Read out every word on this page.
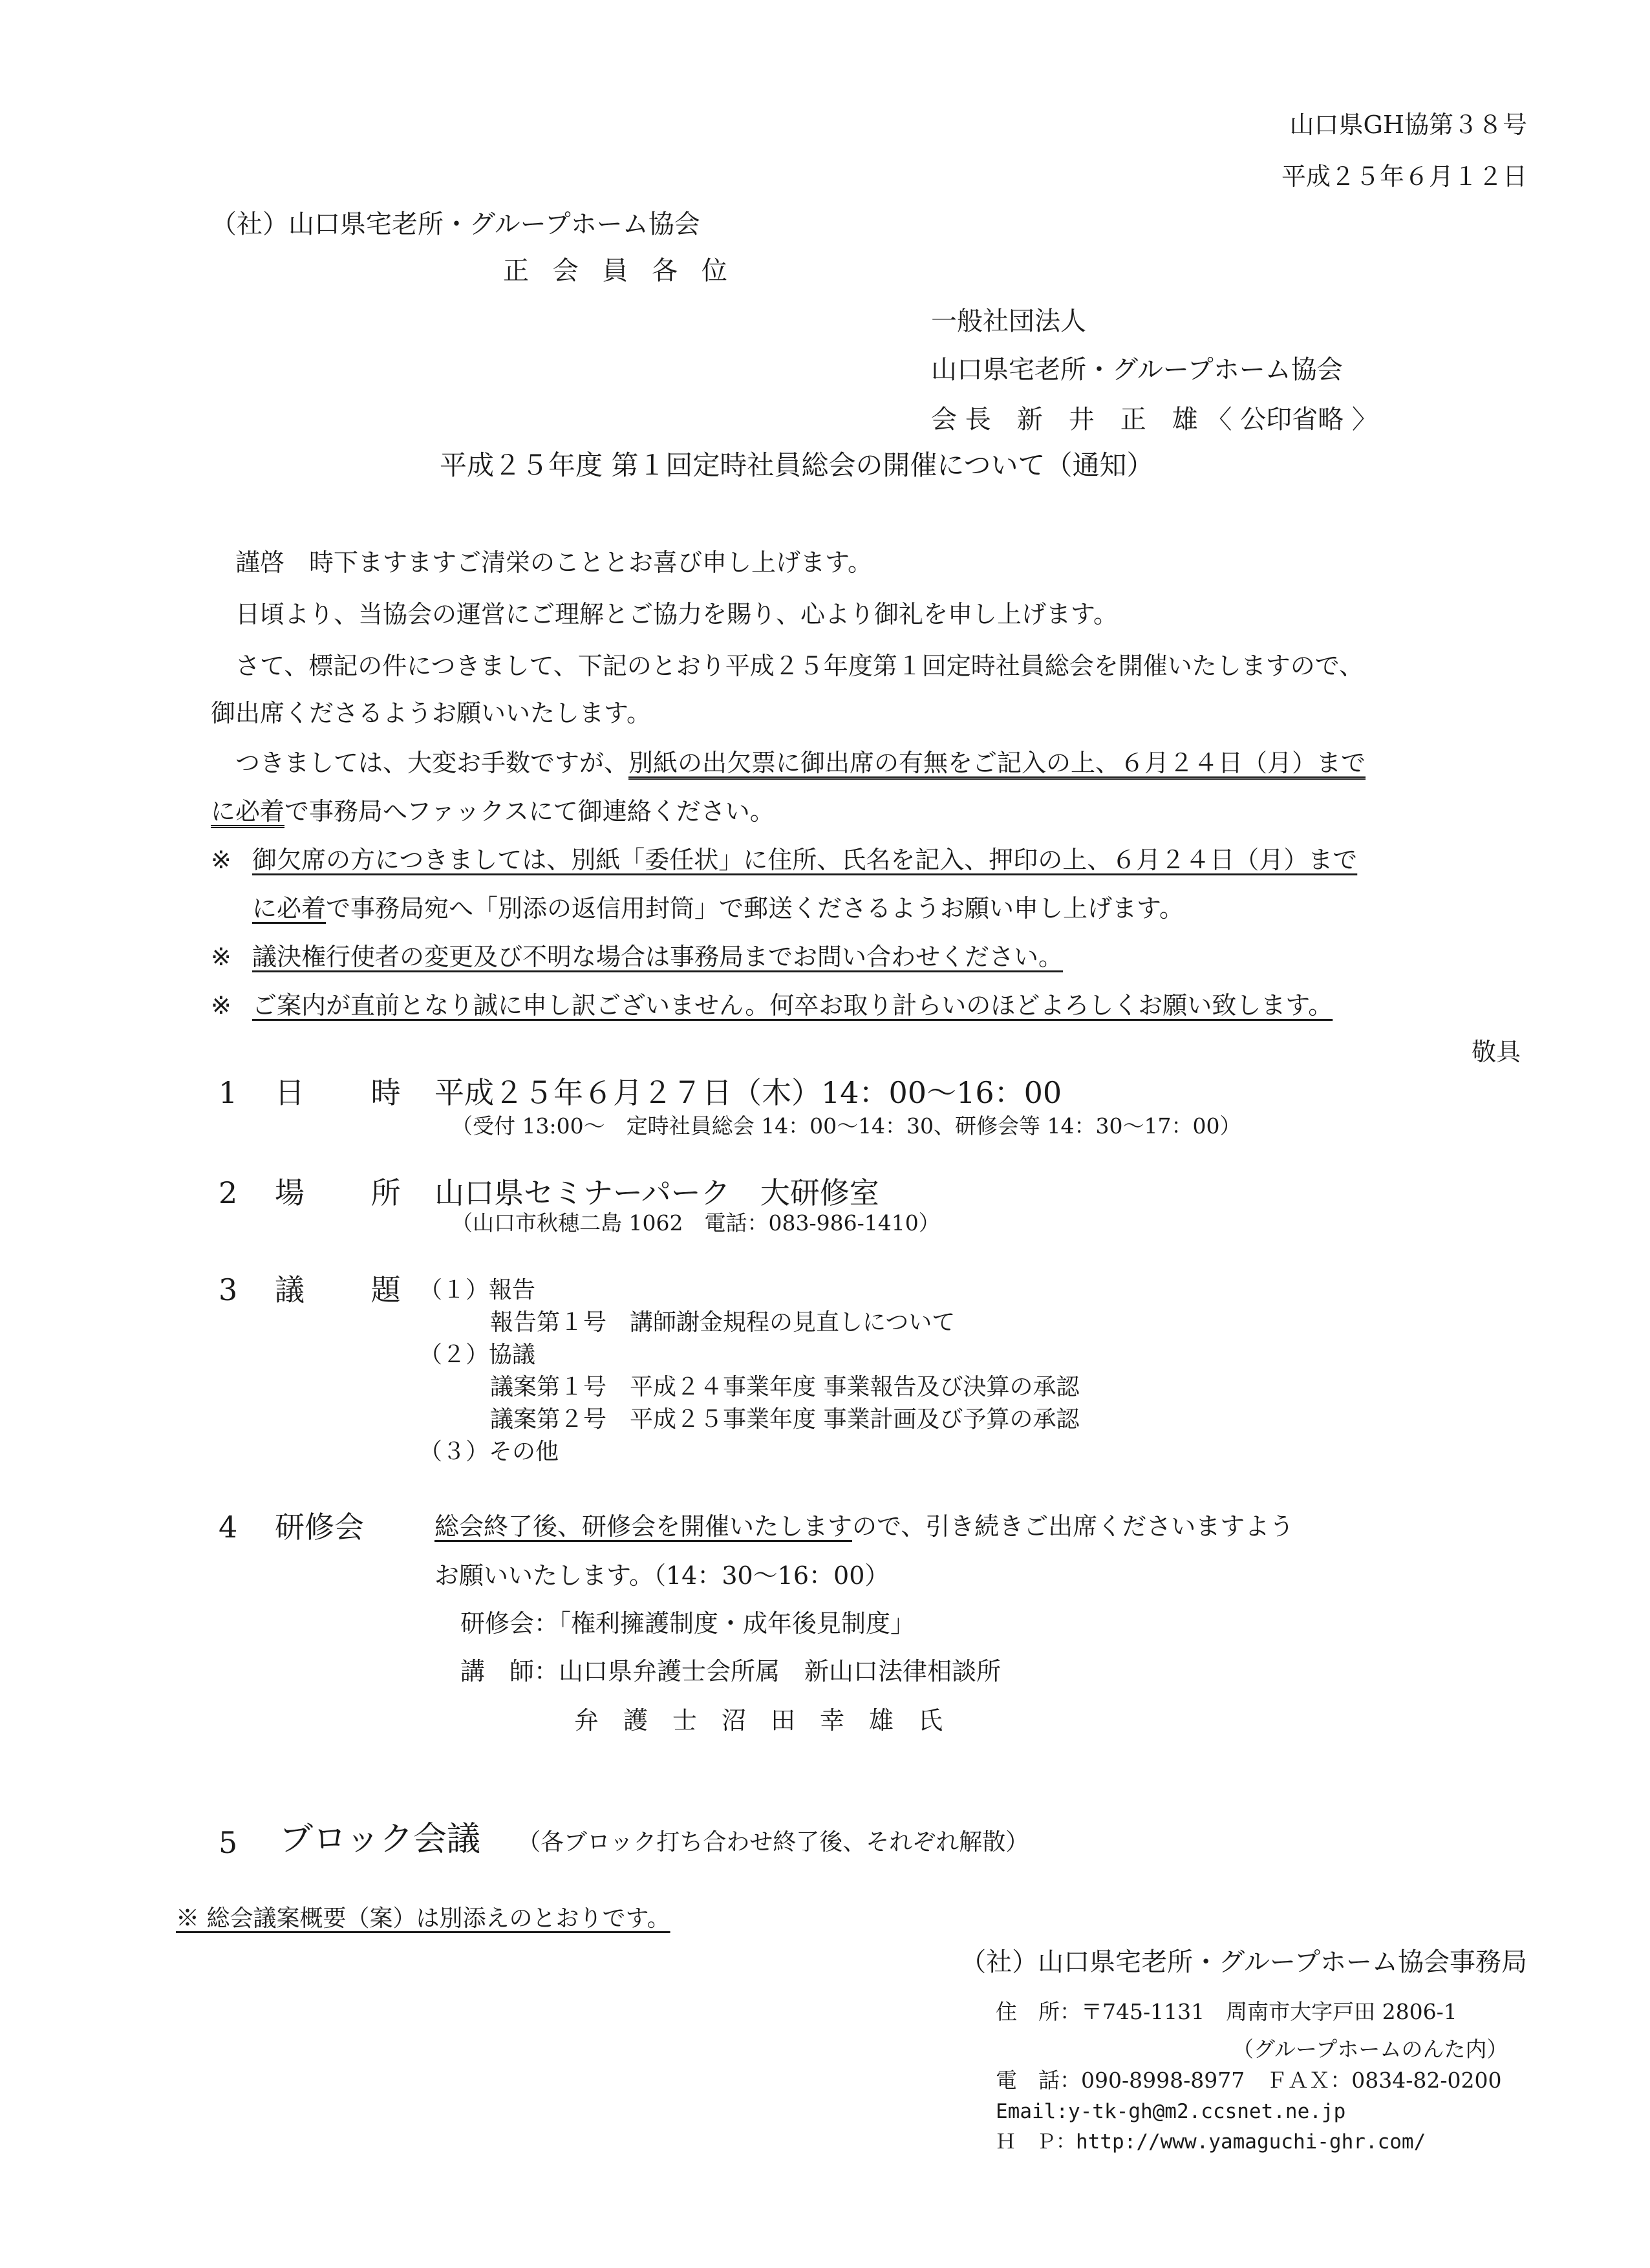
山口県GH協第３８号
平成２５年６月１２日
（社）山口県宅老所・グループホーム協会
正 会 員 各 位
一般社団法人
山口県宅老所・グループホーム協会
会 長　新　井　正　雄 〈 公印省略 〉
平成２５年度 第１回定時社員総会の開催について（通知）
謹啓　時下ますますご清栄のこととお喜び申し上げます。
日頃より、当協会の運営にご理解とご協力を賜り、心より御礼を申し上げます。
さて、標記の件につきまして、下記のとおり平成２５年度第１回定時社員総会を開催いたしますので、
御出席くださるようお願いいたします。
つきましては、大変お手数ですが、別紙の出欠票に御出席の有無をご記入の上、６月２４日（月）まで
に必着で事務局へファックスにて御連絡ください。
※ 御欠席の方につきましては、別紙「委任状」に住所、氏名を記入、押印の上、６月２４日（月）まで
に必着で事務局宛へ「別添の返信用封筒」で郵送くださるようお願い申し上げます。
※ 議決権行使者の変更及び不明な場合は事務局までお問い合わせください。
※ ご案内が直前となり誠に申し訳ございません。何卒お取り計らいのほどよろしくお願い致します。
敬具
1 日 時 平成２５年６月２７日（木）14：00～16：00
（受付 13:00～　定時社員総会 14：00～14：30、研修会等 14：30～17：00）
2 場 所 山口県セミナーパーク　大研修室
（山口市秋穂二島 1062　電話：083-986-1410）
3 議 題
（１）報告
報告第１号　講師謝金規程の見直しについて
（２）協議
議案第１号　平成２４事業年度 事業報告及び決算の承認
議案第２号　平成２５事業年度 事業計画及び予算の承認
（３）その他
4 研修会	総会終了後、研修会を開催いたしますので、引き続きご出席くださいますよう
お願いいたします。（14：30～16：00）
研修会：「権利擁護制度・成年後見制度」
講　師：山口県弁護士会所属　新山口法律相談所
弁　護　士　沼　田　幸　雄　氏
5 ブロック会議 （各ブロック打ち合わせ終了後、それぞれ解散）
※ 総会議案概要（案）は別添えのとおりです。
（社）山口県宅老所・グループホーム協会事務局
住　所：〒745-1131　周南市大字戸田 2806-1
（グループホームのんた内）
電　話：090-8998-8977　ＦＡＸ：0834-82-0200
Email:y-tk-gh@m2.ccsnet.ne.jp
Ｈ　Ｐ：http://www.yamaguchi-ghr.com/
